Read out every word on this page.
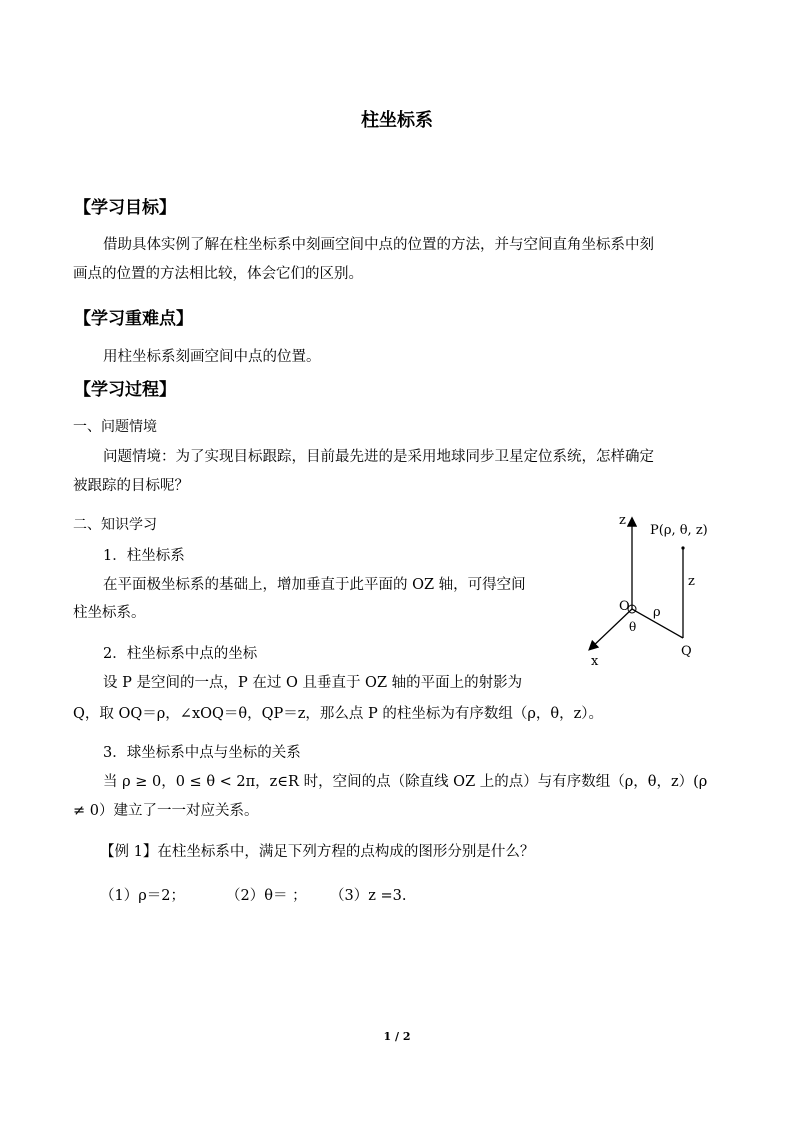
柱坐标系
【学习目标】
借助具体实例了解在柱坐标系中刻画空间中点的位置的方法，并与空间直角坐标系中刻
画点的位置的方法相比较，体会它们的区别。
【学习重难点】
用柱坐标系刻画空间中点的位置。
【学习过程】
一、问题情境
问题情境：为了实现目标跟踪，目前最先进的是采用地球同步卫星定位系统，怎样确定
被跟踪的目标呢？
二、知识学习
1．柱坐标系
在平面极坐标系的基础上，增加垂直于此平面的 OZ 轴，可得空间
柱坐标系。
2．柱坐标系中点的坐标
设 P 是空间的一点，P 在过 O 且垂直于 OZ 轴的平面上的射影为
Q，取 OQ＝ρ，∠xOQ＝θ，QP＝z，那么点 P 的柱坐标为有序数组（ρ，θ，z）。
3．球坐标系中点与坐标的关系
当 ρ ≥ 0，0 ≤ θ < 2π，z∈R 时，空间的点（除直线 OZ 上的点）与有序数组（ρ，θ，z）(ρ
≠ 0）建立了一一对应关系。
【例 1】在柱坐标系中，满足下列方程的点构成的图形分别是什么？
（1）ρ＝2；	（2）θ＝ ； （3）z =3.
z
P(ρ, θ, z)
z
O ρ
θ
x
Q
1 / 2
